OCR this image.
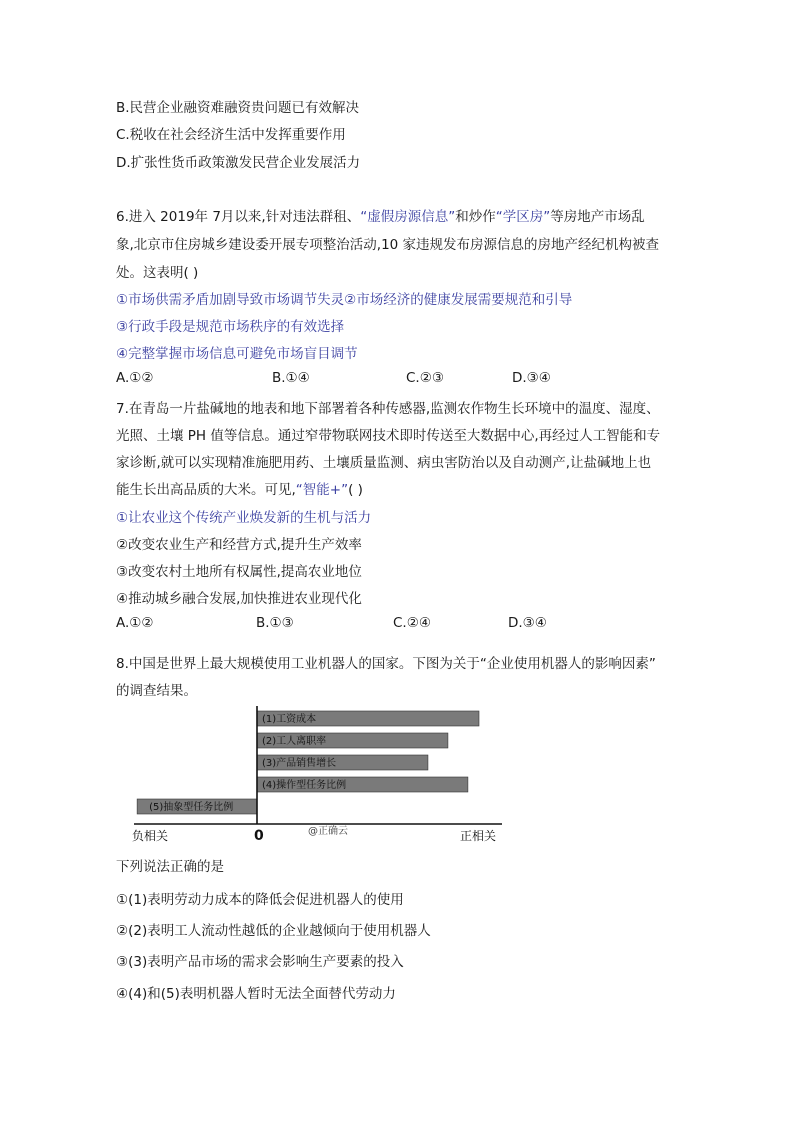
B.民营企业融资难融资贵问题已有效解决
C.税收在社会经济生活中发挥重要作用
D.扩张性货币政策激发民营企业发展活力
6.进入 2019年 7月以来,针对违法群租、“虚假房源信息”和炒作“学区房”等房地产市场乱
象,北京市住房城乡建设委开展专项整治活动,10 家违规发布房源信息的房地产经纪机构被查
处。这表明( )
①市场供需矛盾加剧导致市场调节失灵②市场经济的健康发展需要规范和引导
③行政手段是规范市场秩序的有效选择
④完整掌握市场信息可避免市场盲目调节
A.①②	B.①④	C.②③	D.③④
7.在青岛一片盐碱地的地表和地下部署着各种传感器,监测农作物生长环境中的温度、湿度、
光照、土壤 PH 值等信息。通过窄带物联网技术即时传送至大数据中心,再经过人工智能和专
家诊断,就可以实现精准施肥用药、土壤质量监测、病虫害防治以及自动测产,让盐碱地上也
能生长出高品质的大米。可见,“智能+”( )
①让农业这个传统产业焕发新的生机与活力
②改变农业生产和经营方式,提升生产效率
③改变农村土地所有权属性,提高农业地位
④推动城乡融合发展,加快推进农业现代化
A.①②	B.①③	C.②④	D.③④
8.中国是世界上最大规模使用工业机器人的国家。下图为关于“企业使用机器人的影响因素”
的调查结果。
(1)工资成本
(2)工人离职率
(3)产品销售增长
(4)操作型任务比例
(5)抽象型任务比例
负相关	0	@正确云	正相关
下列说法正确的是
①(1)表明劳动力成本的降低会促进机器人的使用
②(2)表明工人流动性越低的企业越倾向于使用机器人
③(3)表明产品市场的需求会影响生产要素的投入
④(4)和(5)表明机器人暂时无法全面替代劳动力
